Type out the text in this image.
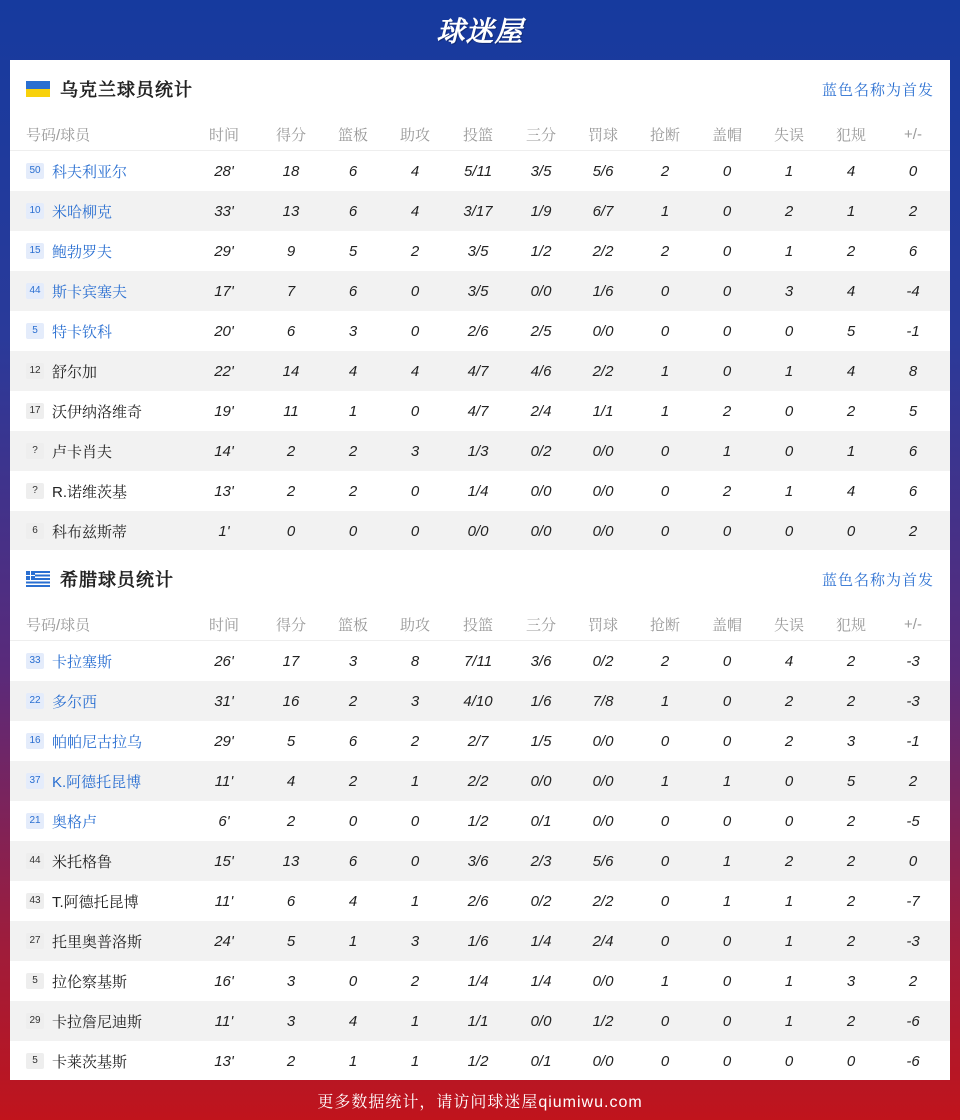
球迷屋
乌克兰球员统计	蓝色名称为首发
号码/球员	时间	得分	篮板	助攻	投篮	三分	罚球	抢断	盖帽	失误	犯规	+/-
50 科夫利亚尔	28'	18	6	4	5/11	3/5	5/6	2	0	1	4	0
10 米哈柳克	33'	13	6	4	3/17	1/9	6/7	1	0	2	1	2
15 鲍勃罗夫	29'	9	5	2	3/5	1/2	2/2	2	0	1	2	6
44 斯卡宾塞夫	17'	7	6	0	3/5	0/0	1/6	0	0	3	4	-4
5 特卡钦科	20'	6	3	0	2/6	2/5	0/0	0	0	0	5	-1
12 舒尔加	22'	14	4	4	4/7	4/6	2/2	1	0	1	4	8
17 沃伊纳洛维奇	19'	11	1	0	4/7	2/4	1/1	1	2	0	2	5
? 卢卡肖夫	14'	2	2	3	1/3	0/2	0/0	0	1	0	1	6
? R.诺维茨基	13'	2	2	0	1/4	0/0	0/0	0	2	1	4	6
6 科布兹斯蒂	1'	0	0	0	0/0	0/0	0/0	0	0	0	0	2
希腊球员统计	蓝色名称为首发
号码/球员	时间	得分	篮板	助攻	投篮	三分	罚球	抢断	盖帽	失误	犯规	+/-
33 卡拉塞斯	26'	17	3	8	7/11	3/6	0/2	2	0	4	2	-3
22 多尔西	31'	16	2	3	4/10	1/6	7/8	1	0	2	2	-3
16 帕帕尼古拉乌	29'	5	6	2	2/7	1/5	0/0	0	0	2	3	-1
37 K.阿德托昆博	11'	4	2	1	2/2	0/0	0/0	1	1	0	5	2
21 奥格卢	6'	2	0	0	1/2	0/1	0/0	0	0	0	2	-5
44 米托格鲁	15'	13	6	0	3/6	2/3	5/6	0	1	2	2	0
43 T.阿德托昆博	11'	6	4	1	2/6	0/2	2/2	0	1	1	2	-7
27 托里奥普洛斯	24'	5	1	3	1/6	1/4	2/4	0	0	1	2	-3
5 拉伦察基斯	16'	3	0	2	1/4	1/4	0/0	1	0	1	3	2
29 卡拉詹尼迪斯	11'	3	4	1	1/1	0/0	1/2	0	0	1	2	-6
5 卡莱茨基斯	13'	2	1	1	1/2	0/1	0/0	0	0	0	0	-6
更多数据统计，请访问球迷屋qiumiwu.com
